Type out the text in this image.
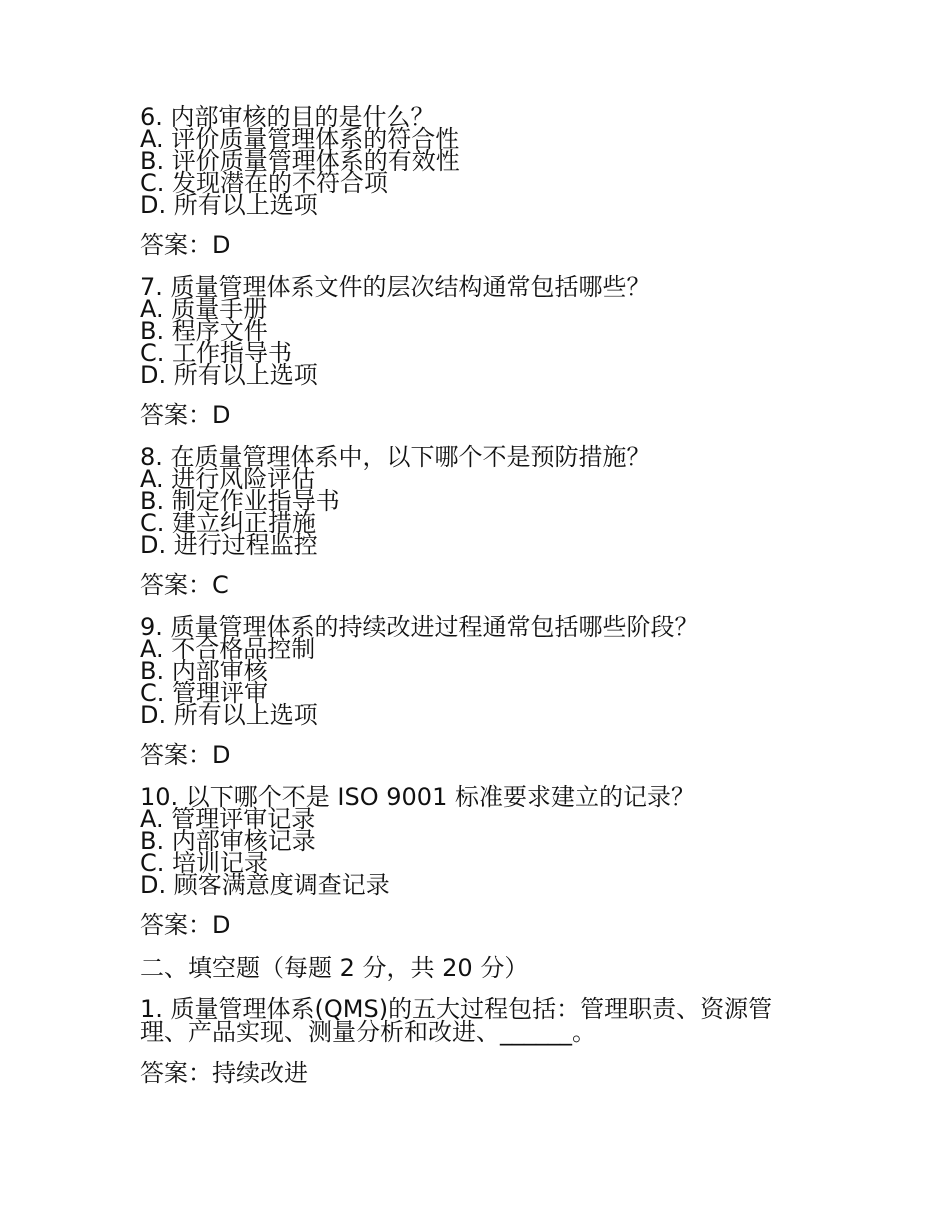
6. 内部审核的目的是什么？
A. 评价质量管理体系的符合性
B. 评价质量管理体系的有效性
C. 发现潜在的不符合项
D. 所有以上选项
答案：D
7. 质量管理体系文件的层次结构通常包括哪些？
A. 质量手册
B. 程序文件
C. 工作指导书
D. 所有以上选项
答案：D
8. 在质量管理体系中，以下哪个不是预防措施？
A. 进行风险评估
B. 制定作业指导书
C. 建立纠正措施
D. 进行过程监控
答案：C
9. 质量管理体系的持续改进过程通常包括哪些阶段？
A. 不合格品控制
B. 内部审核
C. 管理评审
D. 所有以上选项
答案：D
10. 以下哪个不是 ISO 9001 标准要求建立的记录？
A. 管理评审记录
B. 内部审核记录
C. 培训记录
D. 顾客满意度调查记录
答案：D
二、填空题（每题 2 分，共 20 分）
1. 质量管理体系(QMS)的五大过程包括：管理职责、资源管理、产品实现、测量分析和改进、______。
答案：持续改进
